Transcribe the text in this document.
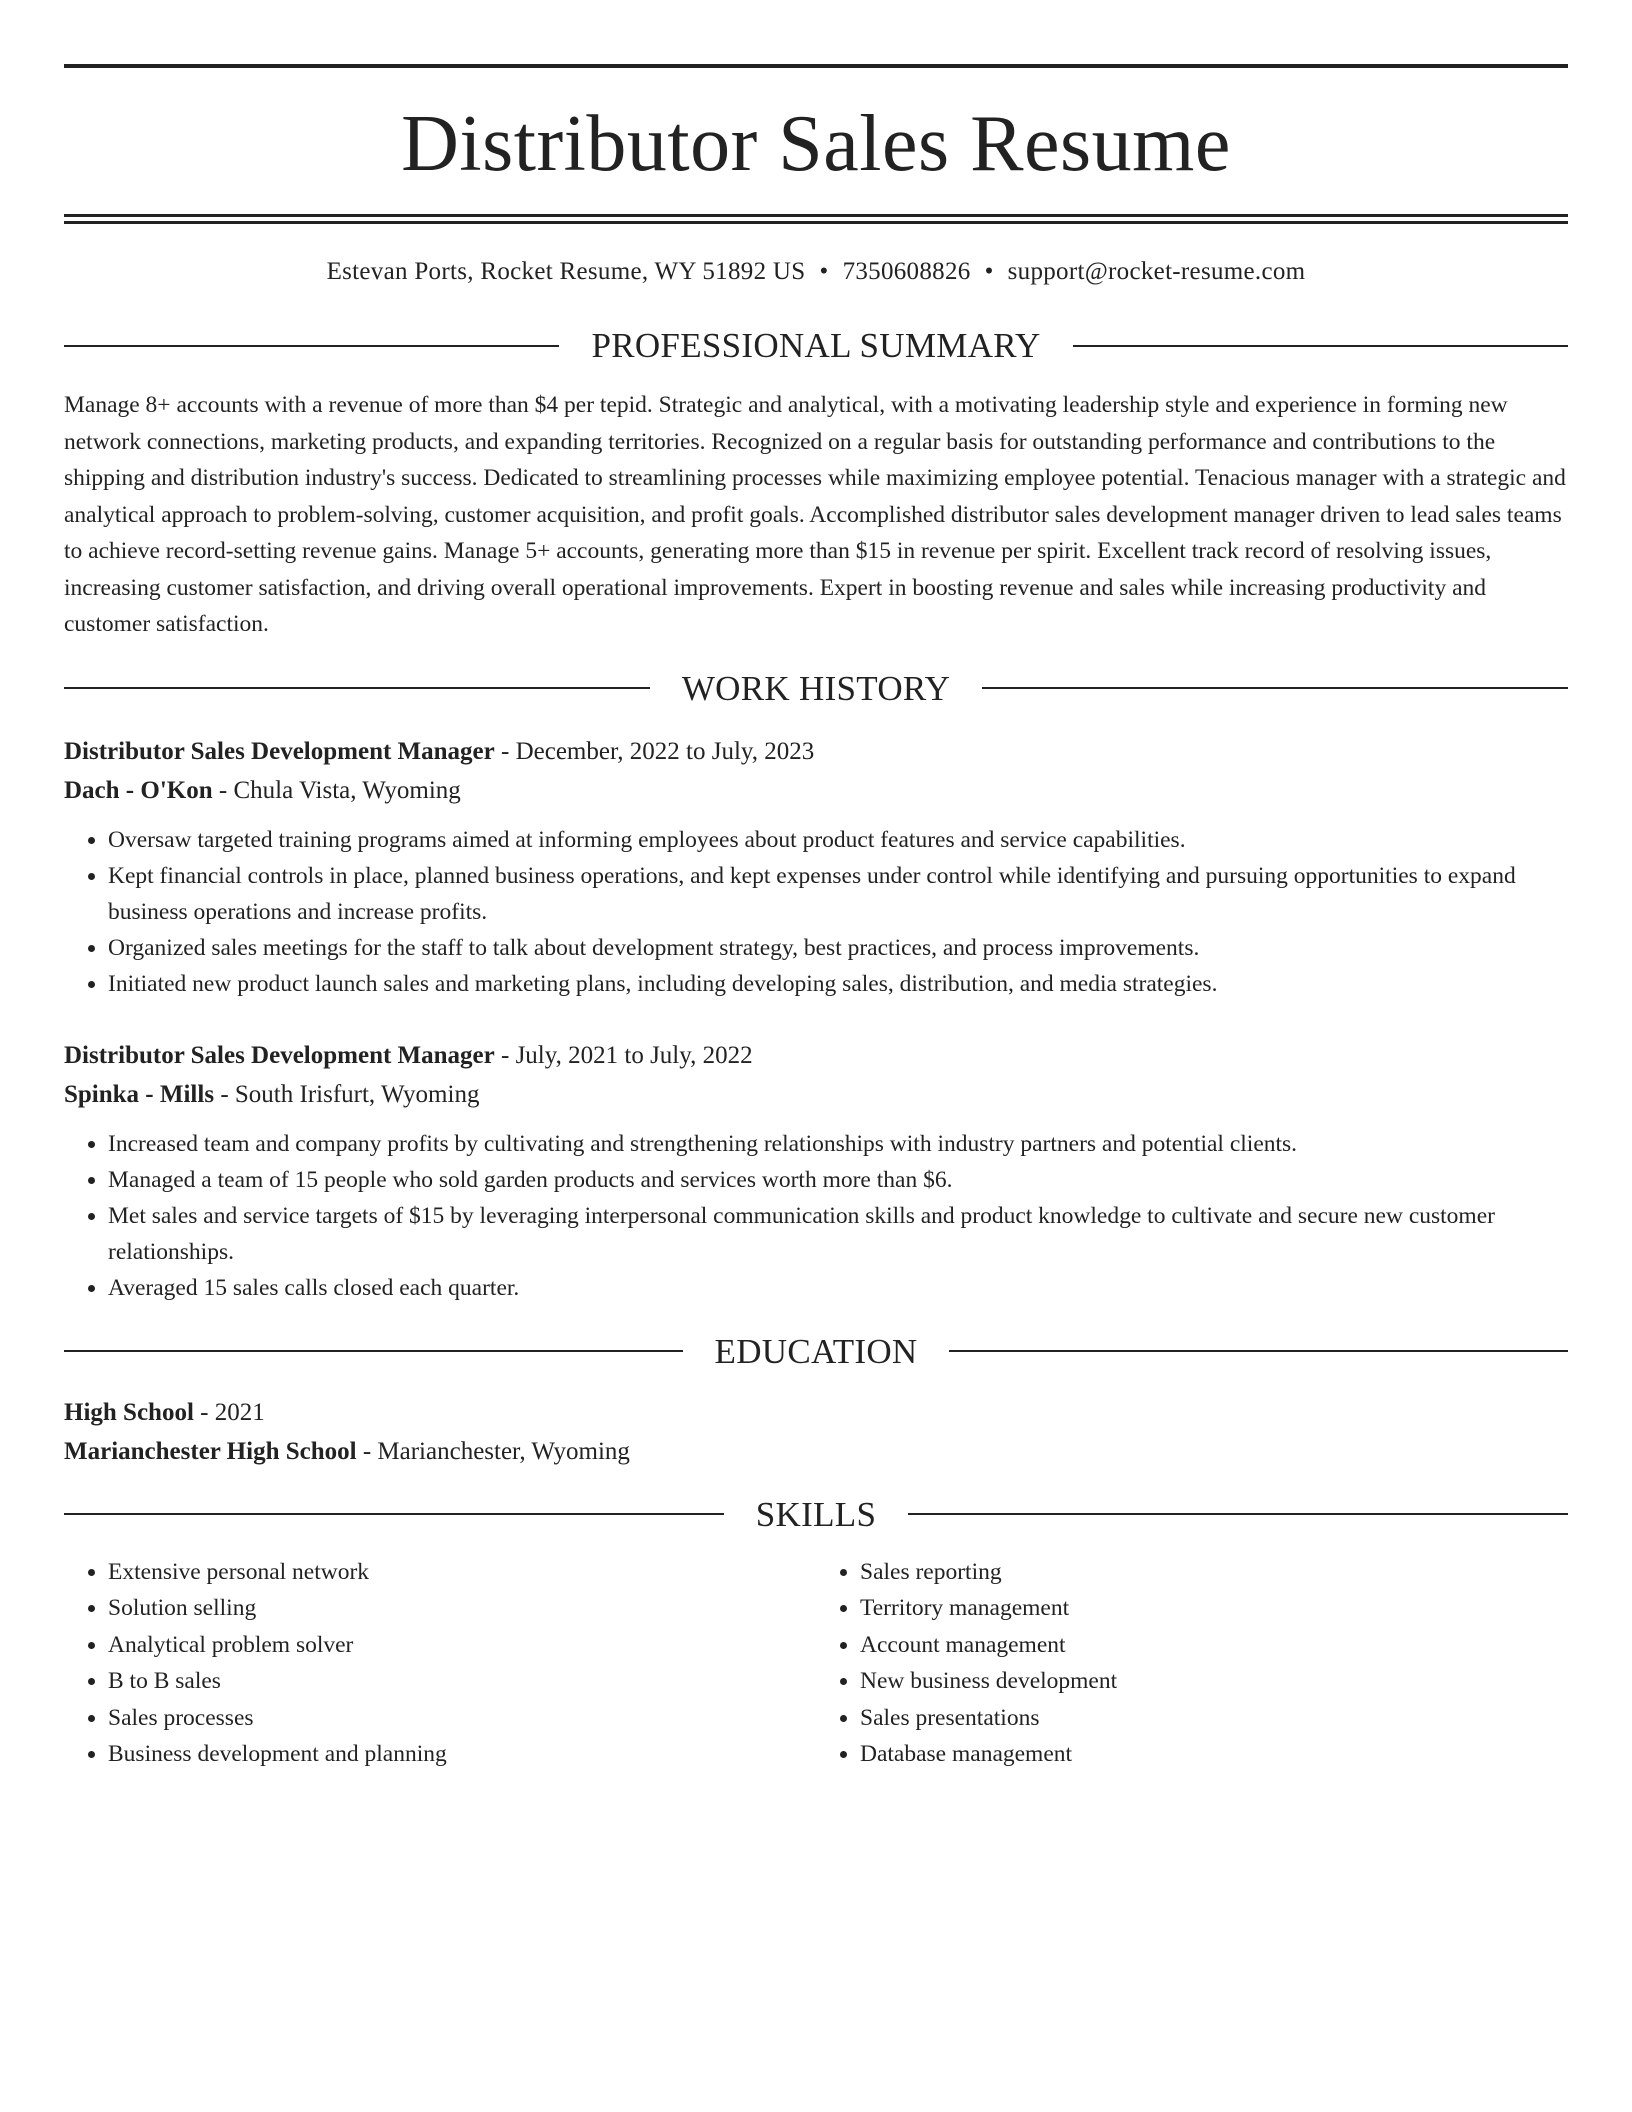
Distributor Sales Resume
Estevan Ports, Rocket Resume, WY 51892 US • 7350608826 • support@rocket-resume.com
PROFESSIONAL SUMMARY

Manage 8+ accounts with a revenue of more than $4 per tepid. Strategic and analytical, with a motivating leadership style and experience in forming new network connections, marketing products, and expanding territories. Recognized on a regular basis for outstanding performance and contributions to the shipping and distribution industry's success. Dedicated to streamlining processes while maximizing employee potential. Tenacious manager with a strategic and analytical approach to problem-solving, customer acquisition, and profit goals. Accomplished distributor sales development manager driven to lead sales teams to achieve record-setting revenue gains. Manage 5+ accounts, generating more than $15 in revenue per spirit. Excellent track record of resolving issues, increasing customer satisfaction, and driving overall operational improvements. Expert in boosting revenue and sales while increasing productivity and customer satisfaction.

WORK HISTORY
Distributor Sales Development Manager - December, 2022 to July, 2023
Dach - O'Kon - Chula Vista, Wyoming
• Oversaw targeted training programs aimed at informing employees about product features and service capabilities.
• Kept financial controls in place, planned business operations, and kept expenses under control while identifying and pursuing opportunities to expand business operations and increase profits.
• Organized sales meetings for the staff to talk about development strategy, best practices, and process improvements.
• Initiated new product launch sales and marketing plans, including developing sales, distribution, and media strategies.
Distributor Sales Development Manager - July, 2021 to July, 2022
Spinka - Mills - South Irisfurt, Wyoming
• Increased team and company profits by cultivating and strengthening relationships with industry partners and potential clients.
• Managed a team of 15 people who sold garden products and services worth more than $6.
• Met sales and service targets of $15 by leveraging interpersonal communication skills and product knowledge to cultivate and secure new customer relationships.
• Averaged 15 sales calls closed each quarter.
EDUCATION
High School - 2021
Marianchester High School - Marianchester, Wyoming
SKILLS
• Extensive personal network
• Solution selling
• Analytical problem solver
• B to B sales
• Sales processes
• Business development and planning
• Sales reporting
• Territory management
• Account management
• New business development
• Sales presentations
• Database management
